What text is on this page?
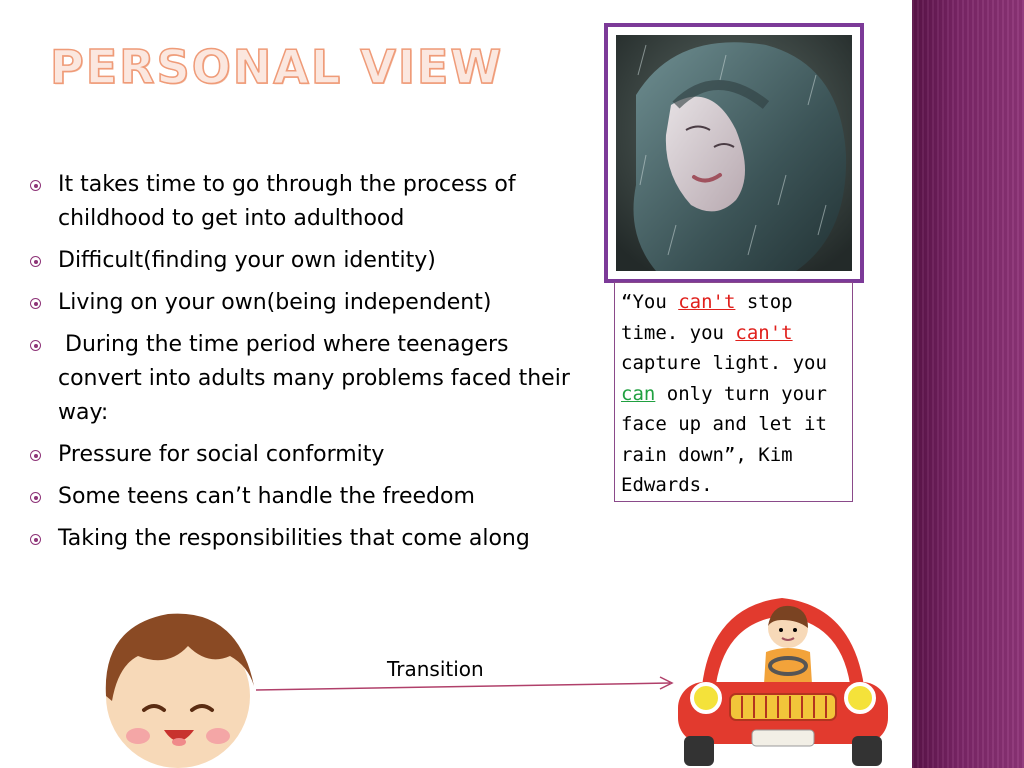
PERSONAL VIEW
It takes time to go through the process of childhood to get into adulthood
Difficult(finding your own identity)
Living on your own(being independent)
During the time period where teenagers convert into adults many problems faced their way:
Pressure for social conformity
Some teens can’t handle the freedom
Taking the responsibilities that come along
“You can't stop time. you can't capture light. you can only turn your face up and let it rain down”, Kim Edwards.
Transition
